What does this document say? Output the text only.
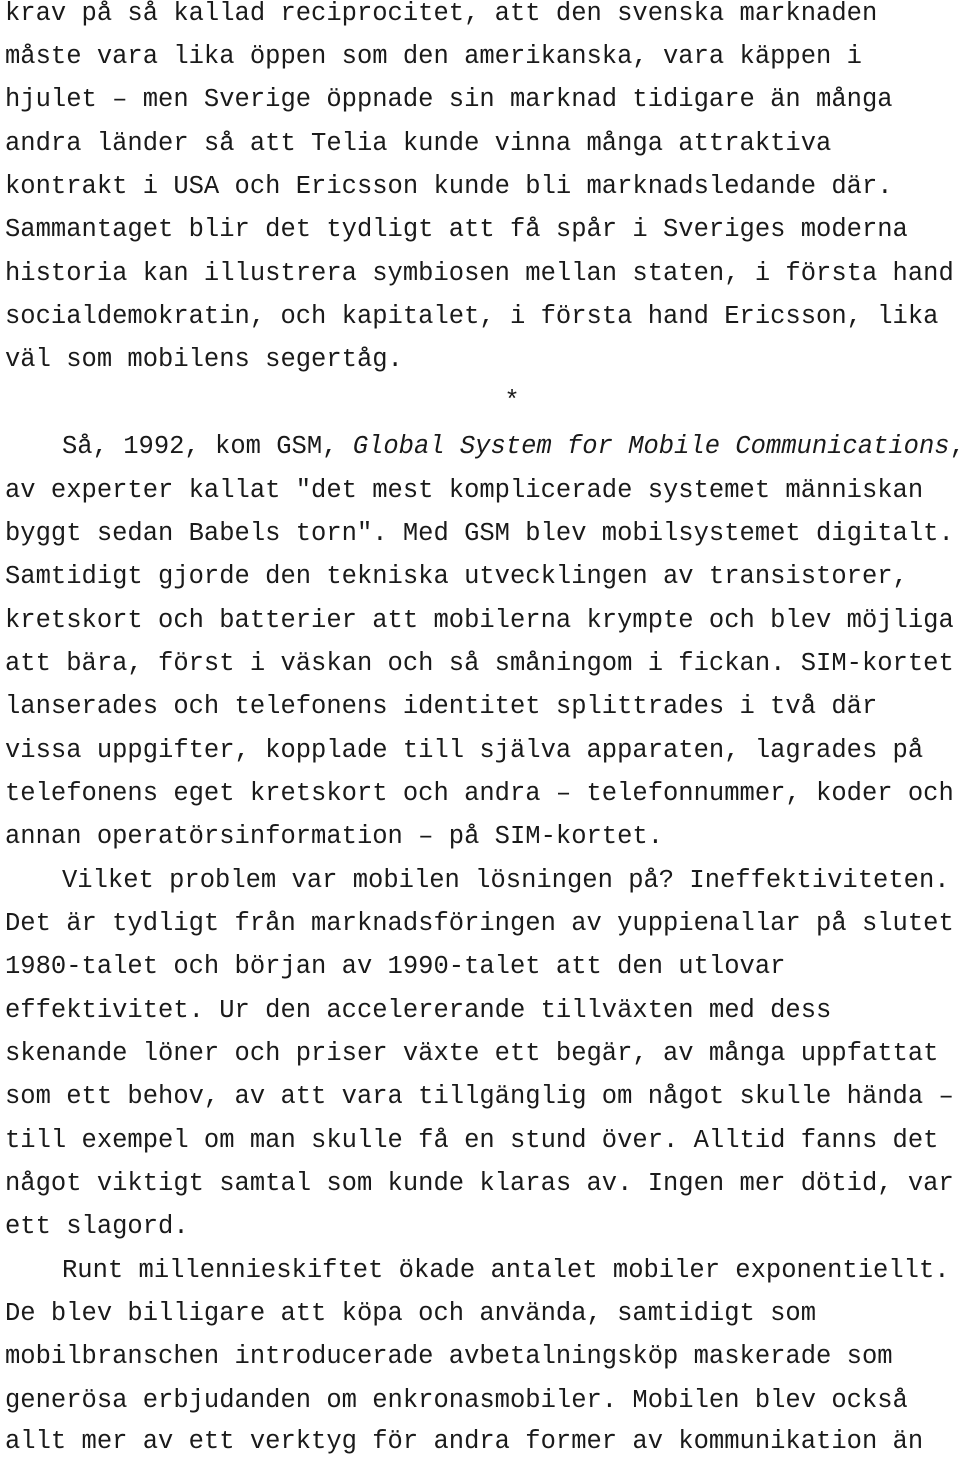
krav på så kallad reciprocitet, att den svenska marknaden
måste vara lika öppen som den amerikanska, vara käppen i
hjulet – men Sverige öppnade sin marknad tidigare än många
andra länder så att Telia kunde vinna många attraktiva
kontrakt i USA och Ericsson kunde bli marknadsledande där.
Sammantaget blir det tydligt att få spår i Sveriges moderna
historia kan illustrera symbiosen mellan staten, i första hand
socialdemokratin, och kapitalet, i första hand Ericsson, lika
väl som mobilens segertåg.
*
Så, 1992, kom GSM, Global System for Mobile Communications,
av experter kallat "det mest komplicerade systemet människan
byggt sedan Babels torn". Med GSM blev mobilsystemet digitalt.
Samtidigt gjorde den tekniska utvecklingen av transistorer,
kretskort och batterier att mobilerna krympte och blev möjliga
att bära, först i väskan och så småningom i fickan. SIM-kortet
lanserades och telefonens identitet splittrades i två där
vissa uppgifter, kopplade till själva apparaten, lagrades på
telefonens eget kretskort och andra – telefonnummer, koder och
annan operatörsinformation – på SIM-kortet.
Vilket problem var mobilen lösningen på? Ineffektiviteten.
Det är tydligt från marknadsföringen av yuppienallar på slutet
1980-talet och början av 1990-talet att den utlovar
effektivitet. Ur den accelererande tillväxten med dess
skenande löner och priser växte ett begär, av många uppfattat
som ett behov, av att vara tillgänglig om något skulle hända –
till exempel om man skulle få en stund över. Alltid fanns det
något viktigt samtal som kunde klaras av. Ingen mer dötid, var
ett slagord.
Runt millennieskiftet ökade antalet mobiler exponentiellt.
De blev billigare att köpa och använda, samtidigt som
mobilbranschen introducerade avbetalningsköp maskerade som
generösa erbjudanden om enkronasmobiler. Mobilen blev också
allt mer av ett verktyg för andra former av kommunikation än
